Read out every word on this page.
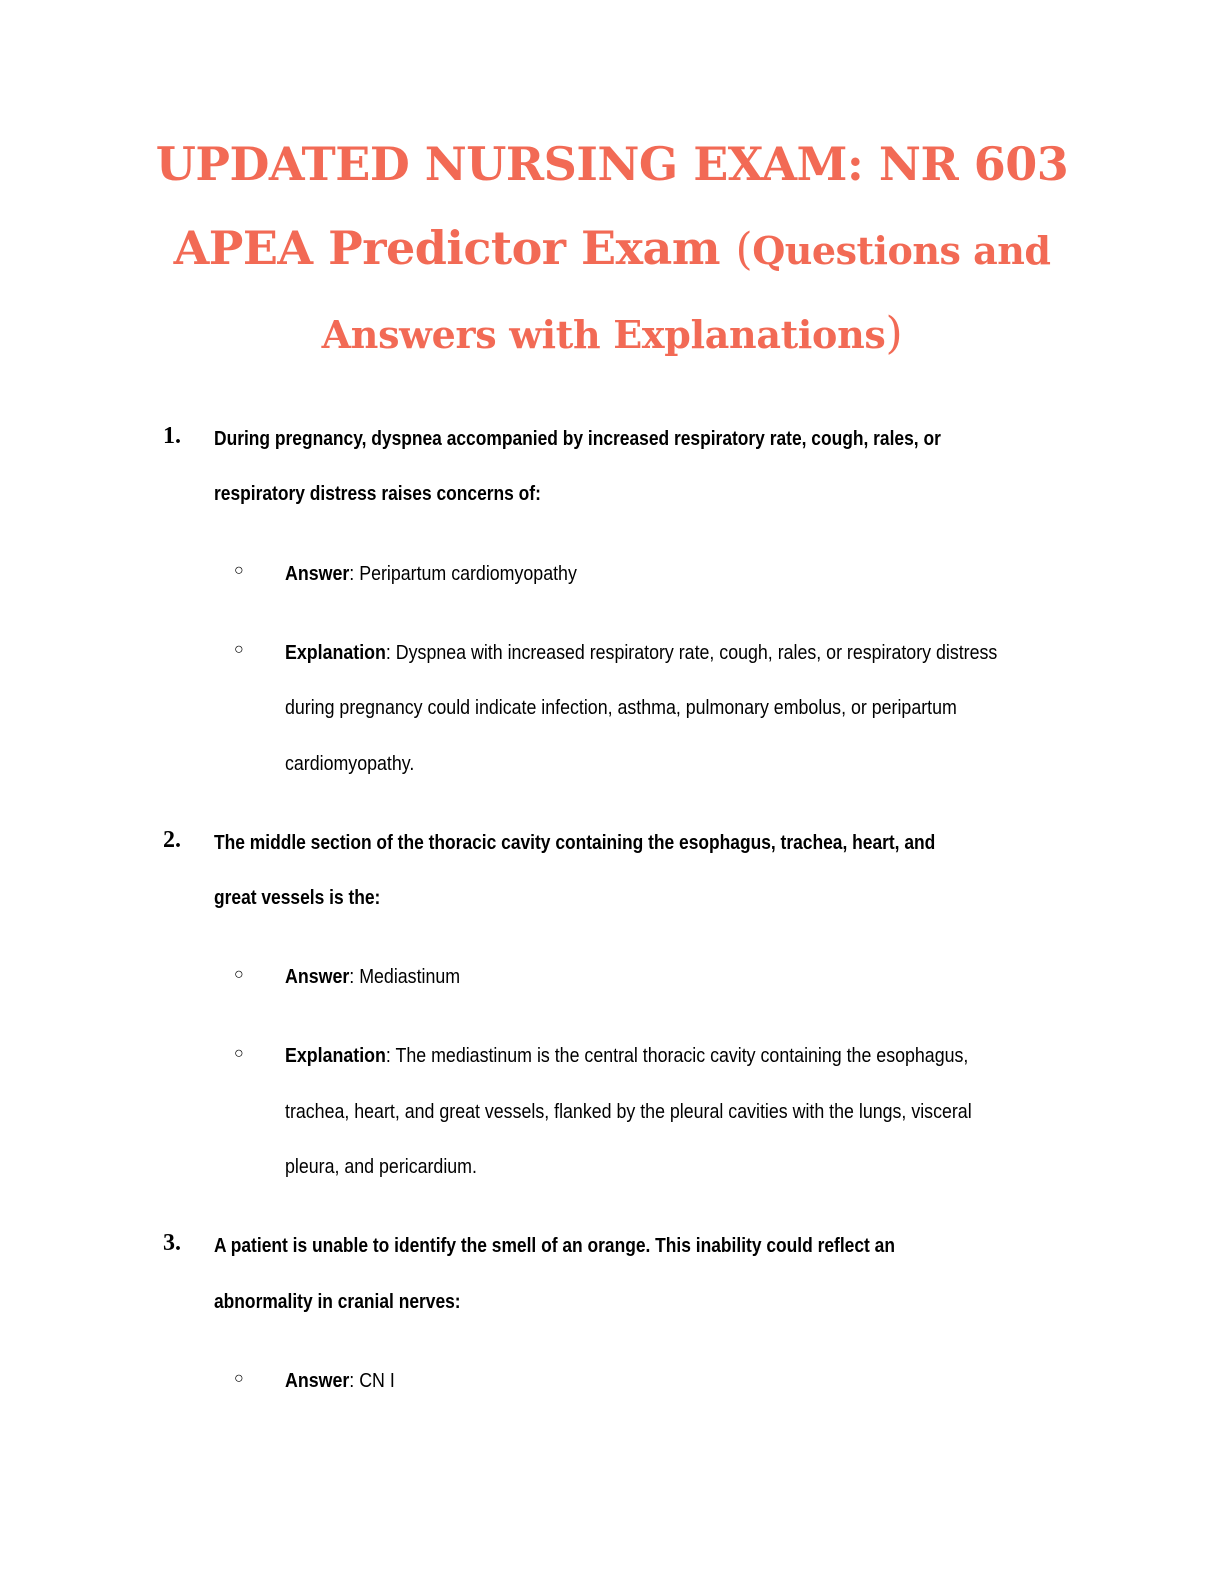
UPDATED NURSING EXAM: NR 603
APEA Predictor Exam (Questions and
Answers with Explanations)
1. During pregnancy, dyspnea accompanied by increased respiratory rate, cough, rales, or
respiratory distress raises concerns of:
○ Answer: Peripartum cardiomyopathy
○ Explanation: Dyspnea with increased respiratory rate, cough, rales, or respiratory distress
during pregnancy could indicate infection, asthma, pulmonary embolus, or peripartum
cardiomyopathy.
2. The middle section of the thoracic cavity containing the esophagus, trachea, heart, and
great vessels is the:
○ Answer: Mediastinum
○ Explanation: The mediastinum is the central thoracic cavity containing the esophagus,
trachea, heart, and great vessels, flanked by the pleural cavities with the lungs, visceral
pleura, and pericardium.
3. A patient is unable to identify the smell of an orange. This inability could reflect an
abnormality in cranial nerves:
○ Answer: CN I
